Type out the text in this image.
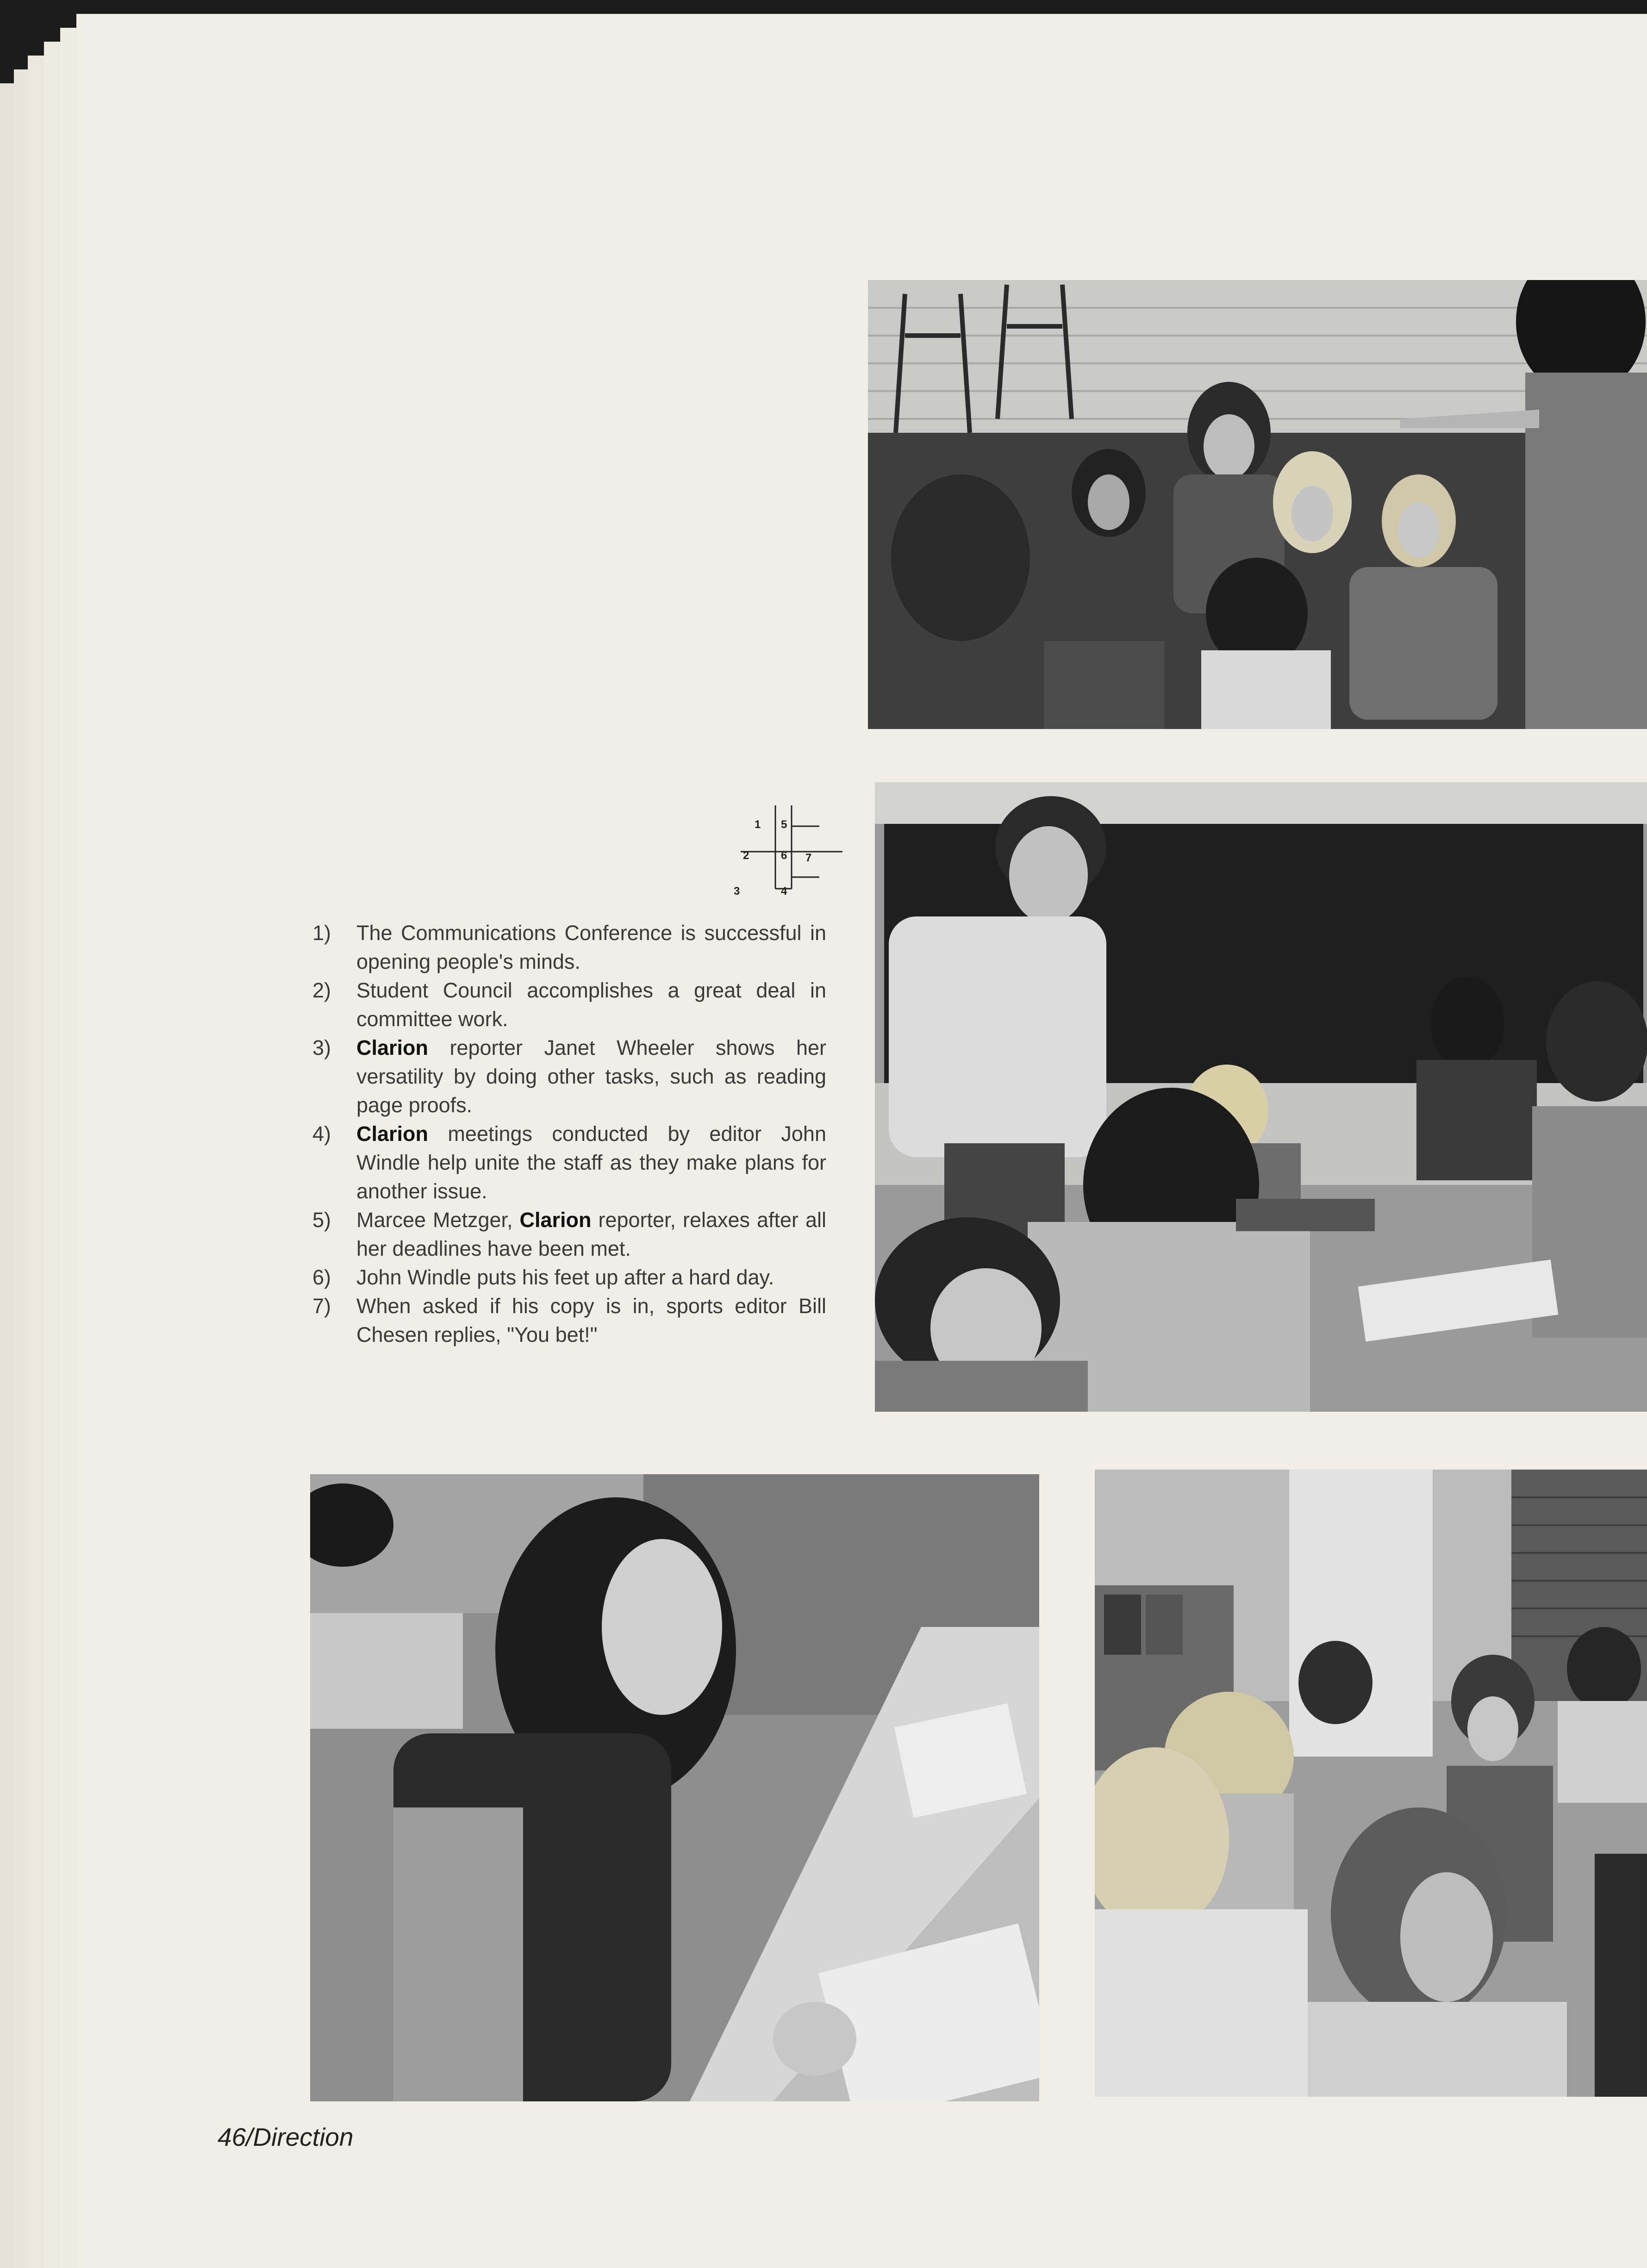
1 5
2	6 7
3	4
1) The Communications Conference is successful in opening people's minds.
2) Student Council accomplishes a great deal in committee work.
3) Clarion reporter Janet Wheeler shows her versatility by doing other tasks, such as reading page proofs.
4) Clarion meetings conducted by editor John Windle help unite the staff as they make plans for another issue.
5) Marcee Metzger, Clarion reporter, relaxes after all her deadlines have been met.
6) John Windle puts his feet up after a hard day.
7) When asked if his copy is in, sports editor Bill Chesen replies, "You bet!"
46/Direction
